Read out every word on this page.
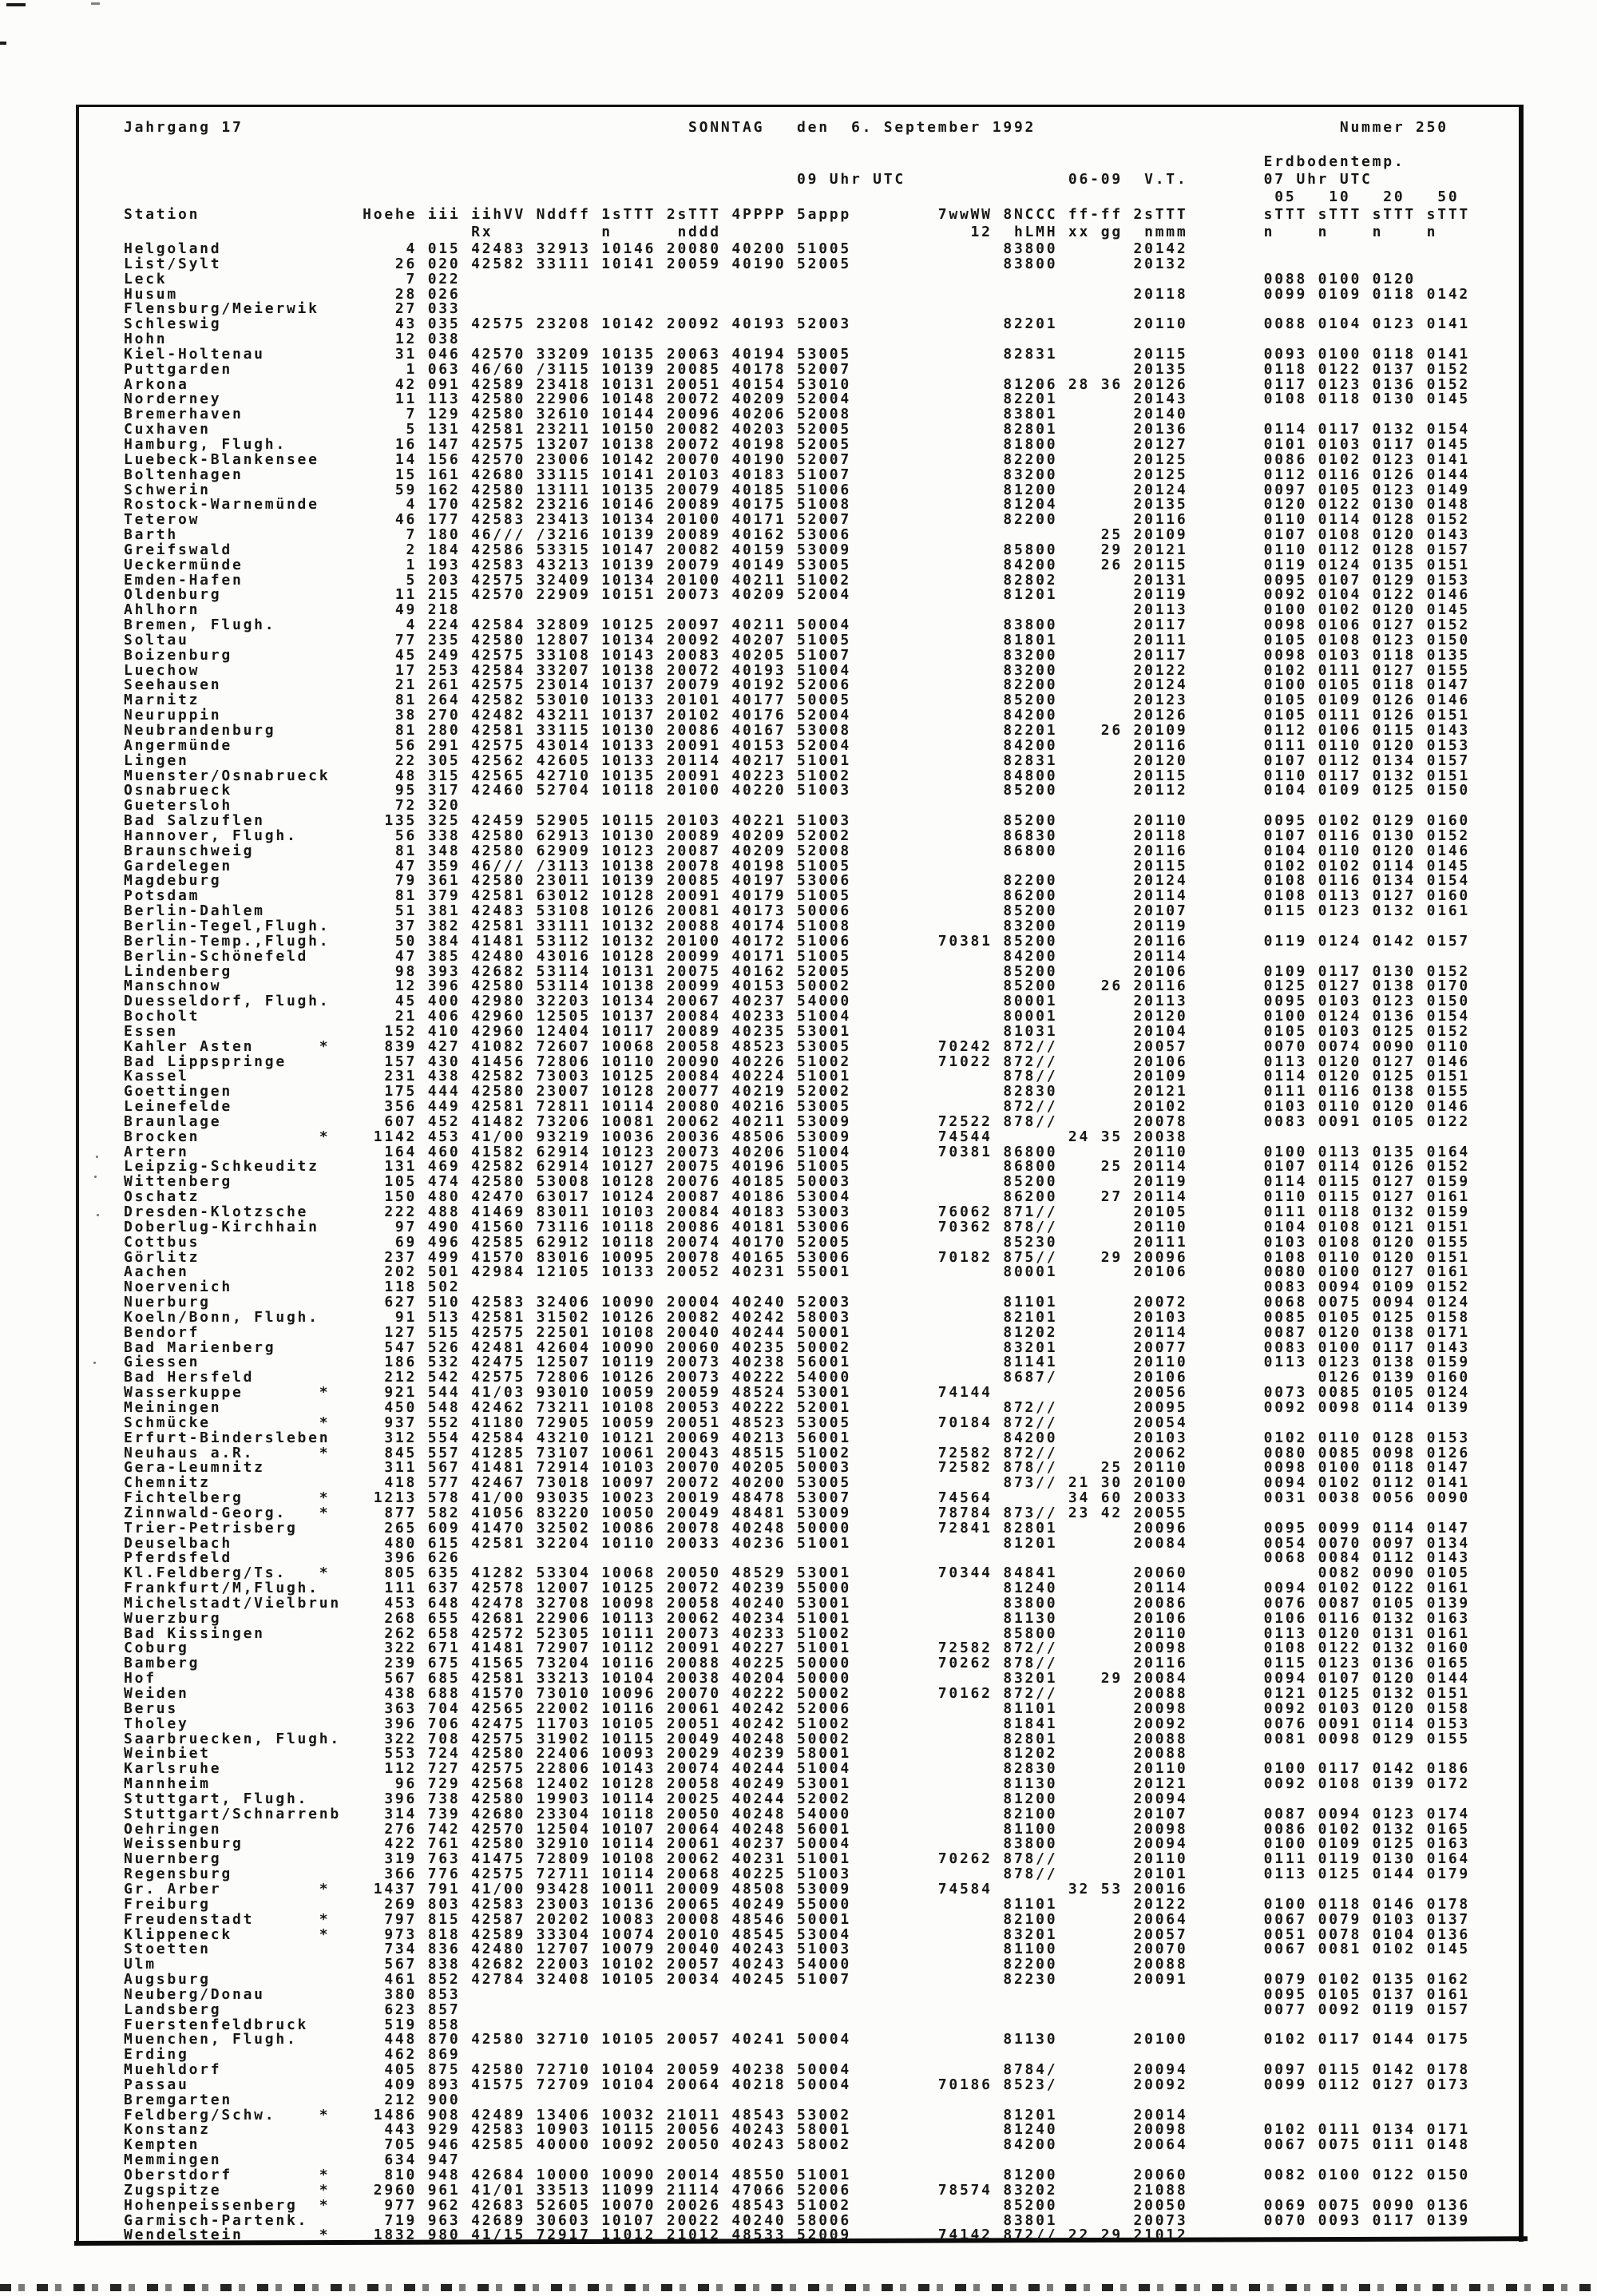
Jahrgang 17                                         SONNTAG   den  6. September 1992                            Nummer 250
Erdbodentemp.
09 Uhr UTC               06-09  V.T.       07 Uhr UTC
05   10   20   50
Station               Hoehe iii iihVV Nddff 1sTTT 2sTTT 4PPPP 5appp        7wwWW 8NCCC ff-ff 2sTTT       sTTT sTTT sTTT sTTT
Rx          n      nddd                       12  hLMH xx gg  nmmm       n    n    n    n
Helgoland                 4 015 42483 32913 10146 20080 40200 51005              83800       20142
List/Sylt                26 020 42582 33111 10141 20059 40190 52005              83800       20132
Leck                      7 022                                                                          0088 0100 0120
Husum                    28 026                                                              20118       0099 0109 0118 0142
Flensburg/Meierwik       27 033
Schleswig                43 035 42575 23208 10142 20092 40193 52003              82201       20110       0088 0104 0123 0141
Hohn                     12 038
Kiel-Holtenau            31 046 42570 33209 10135 20063 40194 53005              82831       20115       0093 0100 0118 0141
Puttgarden                1 063 46/60 /3115 10139 20085 40178 52007                          20135       0118 0122 0137 0152
Arkona                   42 091 42589 23418 10131 20051 40154 53010              81206 28 36 20126       0117 0123 0136 0152
Norderney                11 113 42580 22906 10148 20072 40209 52004              82201       20143       0108 0118 0130 0145
Bremerhaven               7 129 42580 32610 10144 20096 40206 52008              83801       20140
Cuxhaven                  5 131 42581 23211 10150 20082 40203 52005              82801       20136       0114 0117 0132 0154
Hamburg, Flugh.          16 147 42575 13207 10138 20072 40198 52005              81800       20127       0101 0103 0117 0145
Luebeck-Blankensee       14 156 42570 23006 10142 20070 40190 52007              82200       20125       0086 0102 0123 0141
Boltenhagen              15 161 42680 33115 10141 20103 40183 51007              83200       20125       0112 0116 0126 0144
Schwerin                 59 162 42580 13111 10135 20079 40185 51006              81200       20124       0097 0105 0123 0149
Rostock-Warnemünde        4 170 42582 23216 10146 20089 40175 51008              81204       20135       0120 0122 0130 0148
Teterow                  46 177 42583 23413 10134 20100 40171 52007              82200       20116       0110 0114 0128 0152
Barth                     7 180 46/// /3216 10139 20089 40162 53006                       25 20109       0107 0108 0120 0143
Greifswald                2 184 42586 53315 10147 20082 40159 53009              85800    29 20121       0110 0112 0128 0157
Ueckermünde               1 193 42583 43213 10139 20079 40149 53005              84200    26 20115       0119 0124 0135 0151
Emden-Hafen               5 203 42575 32409 10134 20100 40211 51002              82802       20131       0095 0107 0129 0153
Oldenburg                11 215 42570 22909 10151 20073 40209 52004              81201       20119       0092 0104 0122 0146
Ahlhorn                  49 218                                                              20113       0100 0102 0120 0145
Bremen, Flugh.            4 224 42584 32809 10125 20097 40211 50004              83800       20117       0098 0106 0127 0152
Soltau                   77 235 42580 12807 10134 20092 40207 51005              81801       20111       0105 0108 0123 0150
Boizenburg               45 249 42575 33108 10143 20083 40205 51007              83200       20117       0098 0103 0118 0135
Luechow                  17 253 42584 33207 10138 20072 40193 51004              83200       20122       0102 0111 0127 0155
Seehausen                21 261 42575 23014 10137 20079 40192 52006              82200       20124       0100 0105 0118 0147
Marnitz                  81 264 42582 53010 10133 20101 40177 50005              85200       20123       0105 0109 0126 0146
Neuruppin                38 270 42482 43211 10137 20102 40176 52004              84200       20126       0105 0111 0126 0151
Neubrandenburg           81 280 42581 33115 10130 20086 40167 53008              82201    26 20109       0112 0106 0115 0143
Angermünde               56 291 42575 43014 10133 20091 40153 52004              84200       20116       0111 0110 0120 0153
Lingen                   22 305 42562 42605 10133 20114 40217 51001              82831       20120       0107 0112 0134 0157
Muenster/Osnabrueck      48 315 42565 42710 10135 20091 40223 51002              84800       20115       0110 0117 0132 0151
Osnabrueck               95 317 42460 52704 10118 20100 40220 51003              85200       20112       0104 0109 0125 0150
Guetersloh               72 320
Bad Salzuflen           135 325 42459 52905 10115 20103 40221 51003              85200       20110       0095 0102 0129 0160
Hannover, Flugh.         56 338 42580 62913 10130 20089 40209 52002              86830       20118       0107 0116 0130 0152
Braunschweig             81 348 42580 62909 10123 20087 40209 52008              86800       20116       0104 0110 0120 0146
Gardelegen               47 359 46/// /3113 10138 20078 40198 51005                          20115       0102 0102 0114 0145
Magdeburg                79 361 42580 23011 10139 20085 40197 53006              82200       20124       0108 0116 0134 0154
Potsdam                  81 379 42581 63012 10128 20091 40179 51005              86200       20114       0108 0113 0127 0160
Berlin-Dahlem            51 381 42483 53108 10126 20081 40173 50006              85200       20107       0115 0123 0132 0161
Berlin-Tegel,Flugh.      37 382 42581 33111 10132 20088 40174 51008              83200       20119
Berlin-Temp.,Flugh.      50 384 41481 53112 10132 20100 40172 51006        70381 85200       20116       0119 0124 0142 0157
Berlin-Schönefeld        47 385 42480 43016 10128 20099 40171 51005              84200       20114
Lindenberg               98 393 42682 53114 10131 20075 40162 52005              85200       20106       0109 0117 0130 0152
Manschnow                12 396 42580 53114 10138 20099 40153 50002              85200    26 20116       0125 0127 0138 0170
Duesseldorf, Flugh.      45 400 42980 32203 10134 20067 40237 54000              80001       20113       0095 0103 0123 0150
Bocholt                  21 406 42960 12505 10137 20084 40233 51004              80001       20120       0100 0124 0136 0154
Essen                   152 410 42960 12404 10117 20089 40235 53001              81031       20104       0105 0103 0125 0152
Kahler Asten      *     839 427 41082 72607 10068 20058 48523 53005        70242 872//       20057       0070 0074 0090 0110
Bad Lippspringe         157 430 41456 72806 10110 20090 40226 51002        71022 872//       20106       0113 0120 0127 0146
Kassel                  231 438 42582 73003 10125 20084 40224 51001              878//       20109       0114 0120 0125 0151
Goettingen              175 444 42580 23007 10128 20077 40219 52002              82830       20121       0111 0116 0138 0155
Leinefelde              356 449 42581 72811 10114 20080 40216 53005              872//       20102       0103 0110 0120 0146
Braunlage               607 452 41482 73206 10081 20062 40211 53009        72522 878//       20078       0083 0091 0105 0122
Brocken           *    1142 453 41/00 93219 10036 20036 48506 53009        74544       24 35 20038
Artern                  164 460 41582 62914 10123 20073 40206 51004        70381 86800       20110       0100 0113 0135 0164
Leipzig-Schkeuditz      131 469 42582 62914 10127 20075 40196 51005              86800    25 20114       0107 0114 0126 0152
Wittenberg              105 474 42580 53008 10128 20076 40185 50003              85200       20119       0114 0115 0127 0159
Oschatz                 150 480 42470 63017 10124 20087 40186 53004              86200    27 20114       0110 0115 0127 0161
Dresden-Klotzsche       222 488 41469 83011 10103 20084 40183 53003        76062 871//       20105       0111 0118 0132 0159
Doberlug-Kirchhain       97 490 41560 73116 10118 20086 40181 53006        70362 878//       20110       0104 0108 0121 0151
Cottbus                  69 496 42585 62912 10118 20074 40170 52005              85230       20111       0103 0108 0120 0155
Görlitz                 237 499 41570 83016 10095 20078 40165 53006        70182 875//    29 20096       0108 0110 0120 0151
Aachen                  202 501 42984 12105 10133 20052 40231 55001              80001       20106       0080 0100 0127 0161
Noervenich              118 502                                                                          0083 0094 0109 0152
Nuerburg                627 510 42583 32406 10090 20004 40240 52003              81101       20072       0068 0075 0094 0124
Koeln/Bonn, Flugh.       91 513 42581 31502 10126 20082 40242 58003              82101       20103       0085 0105 0125 0158
Bendorf                 127 515 42575 22501 10108 20040 40244 50001              81202       20114       0087 0120 0138 0171
Bad Marienberg          547 526 42481 42604 10090 20060 40235 50002              83201       20077       0083 0100 0117 0143
Giessen                 186 532 42475 12507 10119 20073 40238 56001              81141       20110       0113 0123 0138 0159
Bad Hersfeld            212 542 42575 72806 10126 20073 40222 54000              8687/       20106            0126 0139 0160
Wasserkuppe       *     921 544 41/03 93010 10059 20059 48524 53001        74144             20056       0073 0085 0105 0124
Meiningen               450 548 42462 73211 10108 20053 40222 52001              872//       20095       0092 0098 0114 0139
Schmücke          *     937 552 41180 72905 10059 20051 48523 53005        70184 872//       20054
Erfurt-Bindersleben     312 554 42584 43210 10121 20069 40213 56001              84200       20103       0102 0110 0128 0153
Neuhaus a.R.      *     845 557 41285 73107 10061 20043 48515 51002        72582 872//       20062       0080 0085 0098 0126
Gera-Leumnitz           311 567 41481 72914 10103 20070 40205 50003        72582 878//    25 20110       0098 0100 0118 0147
Chemnitz                418 577 42467 73018 10097 20072 40200 53005              873// 21 30 20100       0094 0102 0112 0141
Fichtelberg       *    1213 578 41/00 93035 10023 20019 48478 53007        74564       34 60 20033       0031 0038 0056 0090
Zinnwald-Georg.   *     877 582 41056 83220 10050 20049 48481 53009        78784 873// 23 42 20055
Trier-Petrisberg        265 609 41470 32502 10086 20078 40248 50000        72841 82801       20096       0095 0099 0114 0147
Deuselbach              480 615 42581 32204 10110 20033 40236 51001              81201       20084       0054 0070 0097 0134
Pferdsfeld              396 626                                                                          0068 0084 0112 0143
Kl.Feldberg/Ts.   *     805 635 41282 53304 10068 20050 48529 53001        70344 84841       20060            0082 0090 0105
Frankfurt/M,Flugh.      111 637 42578 12007 10125 20072 40239 55000              81240       20114       0094 0102 0122 0161
Michelstadt/Vielbrun    453 648 42478 32708 10098 20058 40240 53001              83800       20086       0076 0087 0105 0139
Wuerzburg               268 655 42681 22906 10113 20062 40234 51001              81130       20106       0106 0116 0132 0163
Bad Kissingen           262 658 42572 52305 10111 20073 40233 51002              85800       20110       0113 0120 0131 0161
Coburg                  322 671 41481 72907 10112 20091 40227 51001        72582 872//       20098       0108 0122 0132 0160
Bamberg                 239 675 41565 73204 10116 20088 40225 50000        70262 878//       20116       0115 0123 0136 0165
Hof                     567 685 42581 33213 10104 20038 40204 50000              83201    29 20084       0094 0107 0120 0144
Weiden                  438 688 41570 73010 10096 20070 40222 50002        70162 872//       20088       0121 0125 0132 0151
Berus                   363 704 42565 22002 10116 20061 40242 52006              81101       20098       0092 0103 0120 0158
Tholey                  396 706 42475 11703 10105 20051 40242 51002              81841       20092       0076 0091 0114 0153
Saarbruecken, Flugh.    322 708 42575 31902 10115 20049 40248 50002              82801       20088       0081 0098 0129 0155
Weinbiet                553 724 42580 22406 10093 20029 40239 58001              81202       20088
Karlsruhe               112 727 42575 22806 10143 20074 40244 51004              82830       20110       0100 0117 0142 0186
Mannheim                 96 729 42568 12402 10128 20058 40249 53001              81130       20121       0092 0108 0139 0172
Stuttgart, Flugh.       396 738 42580 19903 10114 20025 40244 52002              81200       20094
Stuttgart/Schnarrenb    314 739 42680 23304 10118 20050 40248 54000              82100       20107       0087 0094 0123 0174
Oehringen               276 742 42570 12504 10107 20064 40248 56001              81100       20098       0086 0102 0132 0165
Weissenburg             422 761 42580 32910 10114 20061 40237 50004              83800       20094       0100 0109 0125 0163
Nuernberg               319 763 41475 72809 10108 20062 40231 51001        70262 878//       20110       0111 0119 0130 0164
Regensburg              366 776 42575 72711 10114 20068 40225 51003              878//       20101       0113 0125 0144 0179
Gr. Arber         *    1437 791 41/00 93428 10011 20009 48508 53009        74584       32 53 20016
Freiburg                269 803 42583 23003 10136 20065 40249 55000              81101       20122       0100 0118 0146 0178
Freudenstadt      *     797 815 42587 20202 10083 20008 48546 50001              82100       20064       0067 0079 0103 0137
Klippeneck        *     973 818 42589 33304 10074 20010 48545 53004              83201       20057       0051 0078 0104 0136
Stoetten                734 836 42480 12707 10079 20040 40243 51003              81100       20070       0067 0081 0102 0145
Ulm                     567 838 42682 22003 10102 20057 40243 54000              82200       20088
Augsburg                461 852 42784 32408 10105 20034 40245 51007              82230       20091       0079 0102 0135 0162
Neuberg/Donau           380 853                                                                          0095 0105 0137 0161
Landsberg               623 857                                                                          0077 0092 0119 0157
Fuerstenfeldbruck       519 858
Muenchen, Flugh.        448 870 42580 32710 10105 20057 40241 50004              81130       20100       0102 0117 0144 0175
Erding                  462 869
Muehldorf               405 875 42580 72710 10104 20059 40238 50004              8784/       20094       0097 0115 0142 0178
Passau                  409 893 41575 72709 10104 20064 40218 50004        70186 8523/       20092       0099 0112 0127 0173
Bremgarten              212 900
Feldberg/Schw.    *    1486 908 42489 13406 10032 21011 48543 53002              81201       20014
Konstanz                443 929 42583 10903 10115 20056 40243 58001              81240       20098       0102 0111 0134 0171
Kempten                 705 946 42585 40000 10092 20050 40243 58002              84200       20064       0067 0075 0111 0148
Memmingen               634 947
Oberstdorf        *     810 948 42684 10000 10090 20014 48550 51001              81200       20060       0082 0100 0122 0150
Zugspitze         *    2960 961 41/01 33513 11099 21114 47066 52006        78574 83202       21088
Hohenpeissenberg  *     977 962 42683 52605 10070 20026 48543 51002              85200       20050       0069 0075 0090 0136
Garmisch-Partenk.       719 963 42689 30603 10107 20022 40240 58006              83801       20073       0070 0093 0117 0139
Wendelstein       *    1832 980 41/15 72917 11012 21012 48533 52009        74142 872// 22 29 21012
